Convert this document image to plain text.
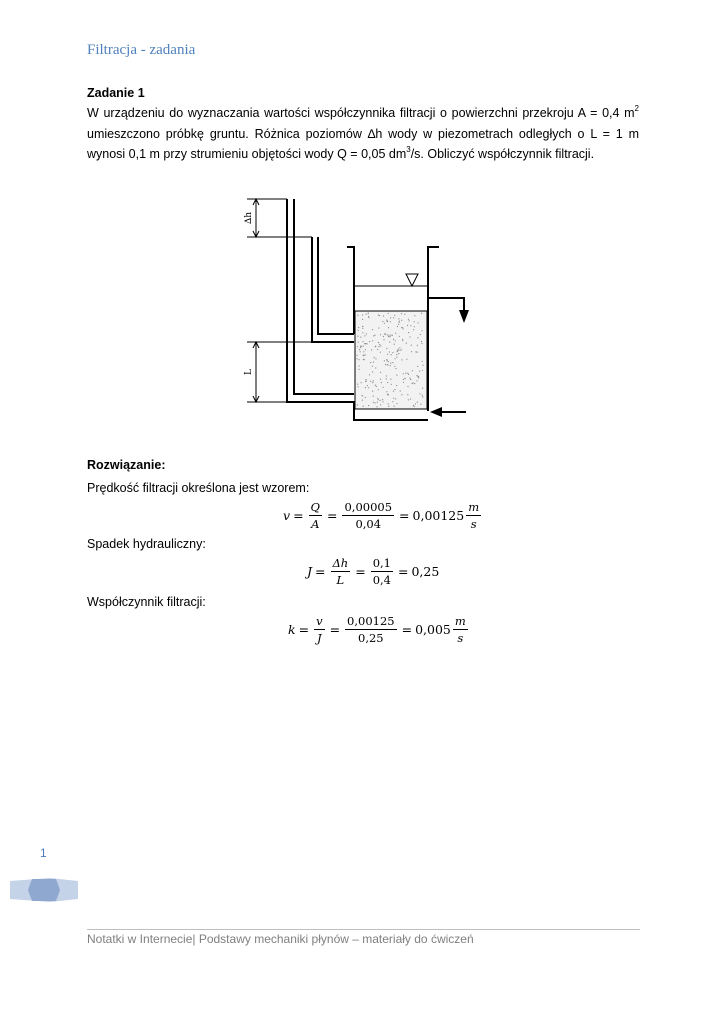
Filtracja - zadania
Zadanie 1
W urządzeniu do wyznaczania wartości współczynnika filtracji o powierzchni przekroju A = 0,4 $m^2$ umieszczono próbkę gruntu. Różnica poziomów ∆h wody w piezometrach odległych o L = 1 m wynosi 0,1 m przy strumieniu objętości wody Q = 0,05 $dm^3/s$. Obliczyć współczynnik filtracji.
∆h
L
Rozwiązanie:
Prędkość filtracji określona jest wzorem:
$v = \frac{Q}{A} = \frac{0,00005}{0,04} = 0,00125 \frac{m}{s}$
Spadek hydrauliczny:
$J = \frac{\Delta h}{L} = \frac{0,1}{0,4} = 0,25$
Współczynnik filtracji:
$k = \frac{v}{J} = \frac{0,00125}{0,25} = 0,005 \frac{m}{s}$
1
Notatki w Internecie| Podstawy mechaniki płynów – materiały do ćwiczeń
